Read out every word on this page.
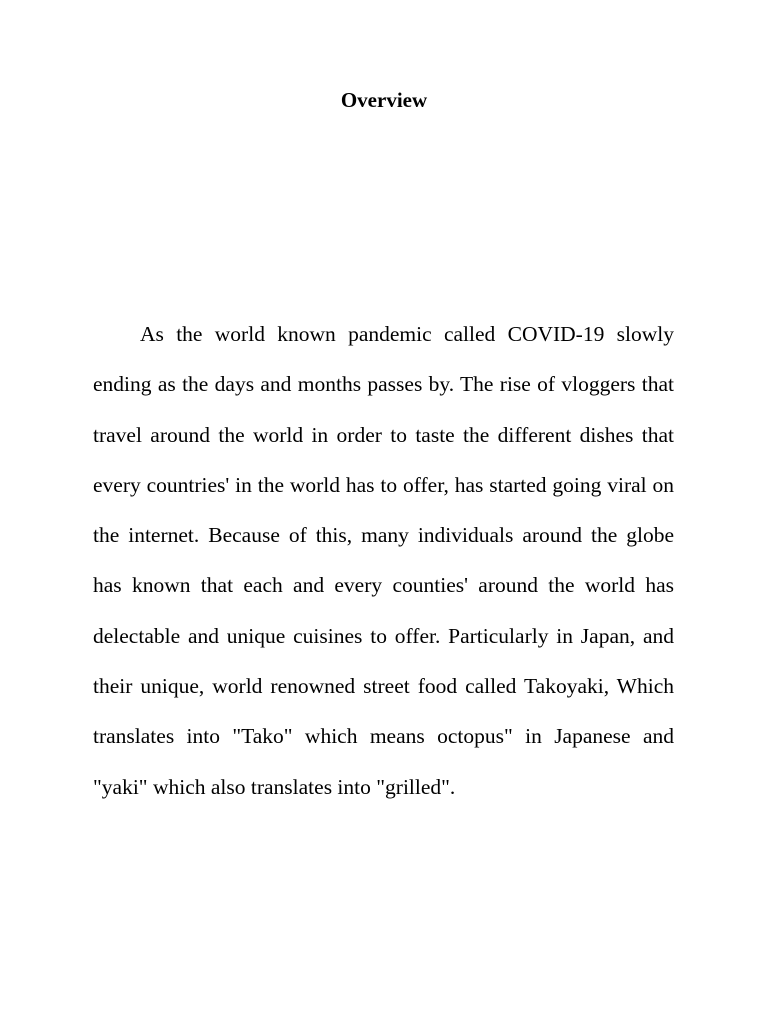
Overview

As the world known pandemic called COVID-19 slowly ending as the days and months passes by. The rise of vloggers that travel around the world in order to taste the different dishes that every countries' in the world has to offer, has started going viral on the internet. Because of this, many individuals around the globe has known that each and every counties' around the world has delectable and unique cuisines to offer. Particularly in Japan, and their unique, world renowned street food called Takoyaki, Which translates into "Tako" which means octopus" in Japanese and "yaki" which also translates into "grilled".
